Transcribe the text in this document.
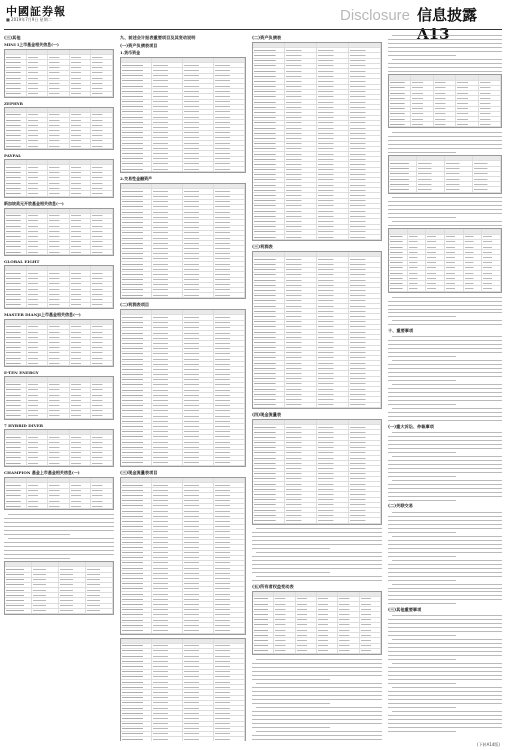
中國証券報
■ 2019年7月9日 星期二	Disclosure 信息披露
(三)其他
MINI I上市基金相关信息(一)
ZEPHYR
PAYPAL
新加坡美元开放基金相关信息(一)
GLOBAL EIGHT
MASTER DIANJI上市基金相关信息(一)
E-TEN ENERGY
7 HYBRID DIVER
CHAMPION 基金上市基金相关信息(一)
九、前述会计报表重要项目及其变动说明
(一)资产负债表项目
1.货币资金
2.交易性金融资产
(二)利润表项目
(三)现金流量表项目
(二)资产负债表
(三)利润表
(四)现金流量表
(五)所有者权益变动表
十、重要事项
(一)重大诉讼、仲裁事项
(二)关联交易
(三)其他重要事项
(下转A14版)
